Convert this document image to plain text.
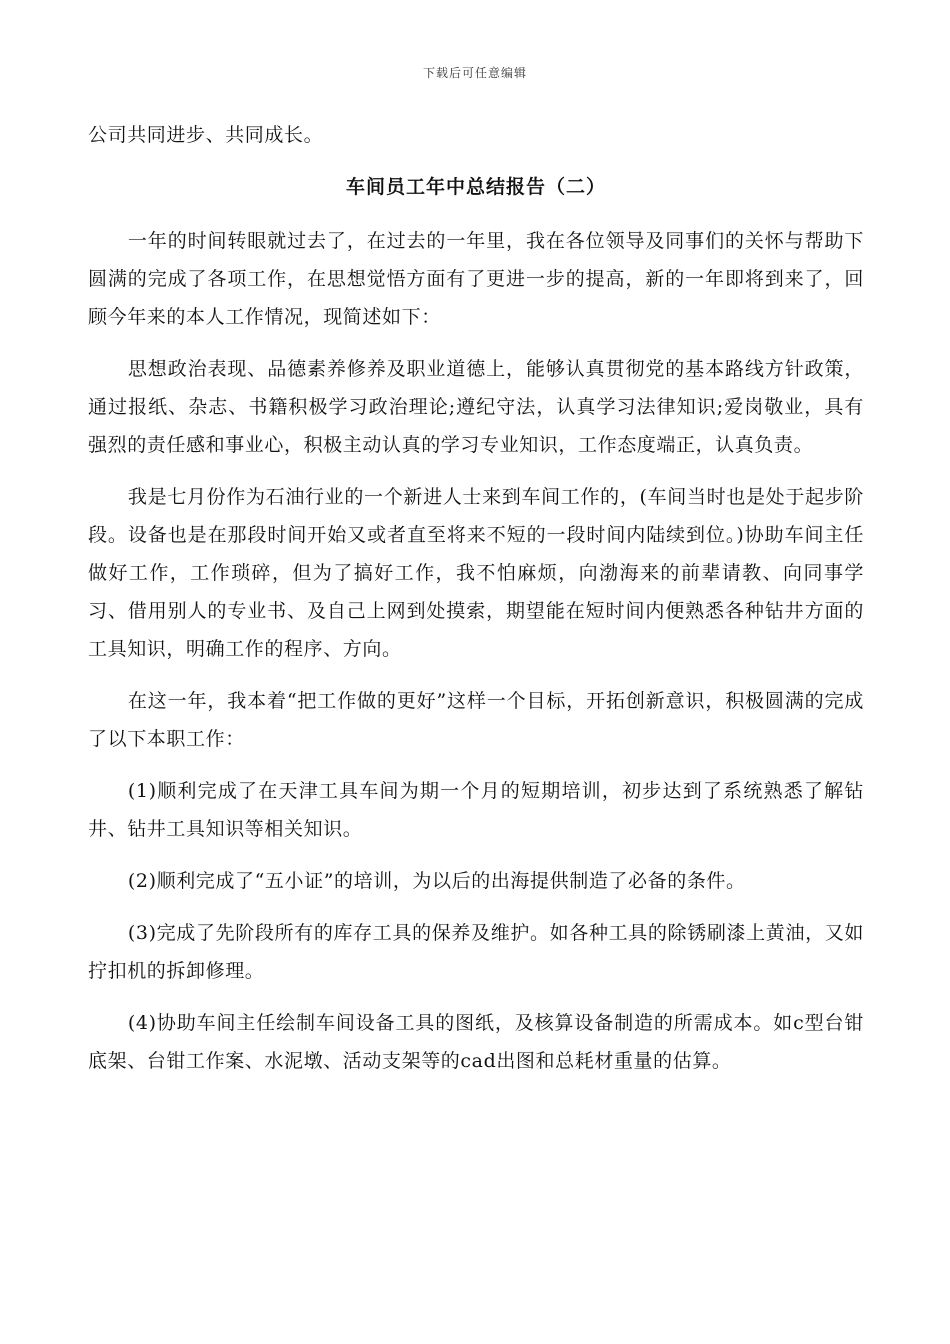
下载后可任意编辑

公司共同进步、共同成长。

车间员工年中总结报告（二）

一年的时间转眼就过去了，在过去的一年里，我在各位领导及同事们的关怀与帮助下圆满的完成了各项工作，在思想觉悟方面有了更进一步的提高，新的一年即将到来了，回顾今年来的本人工作情况，现简述如下：

思想政治表现、品德素养修养及职业道德上，能够认真贯彻党的基本路线方针政策，通过报纸、杂志、书籍积极学习政治理论;遵纪守法，认真学习法律知识;爱岗敬业，具有强烈的责任感和事业心，积极主动认真的学习专业知识，工作态度端正，认真负责。

我是七月份作为石油行业的一个新进人士来到车间工作的，(车间当时也是处于起步阶段。设备也是在那段时间开始又或者直至将来不短的一段时间内陆续到位。)协助车间主任做好工作，工作琐碎，但为了搞好工作，我不怕麻烦，向渤海来的前辈请教、向同事学习、借用别人的专业书、及自己上网到处摸索，期望能在短时间内便熟悉各种钻井方面的工具知识，明确工作的程序、方向。

在这一年，我本着“把工作做的更好”这样一个目标，开拓创新意识，积极圆满的完成了以下本职工作：

(1)顺利完成了在天津工具车间为期一个月的短期培训，初步达到了系统熟悉了解钻井、钻井工具知识等相关知识。

(2)顺利完成了“五小证”的培训，为以后的出海提供制造了必备的条件。

(3)完成了先阶段所有的库存工具的保养及维护。如各种工具的除锈刷漆上黄油，又如拧扣机的拆卸修理。

(4)协助车间主任绘制车间设备工具的图纸，及核算设备制造的所需成本。如c型台钳底架、台钳工作案、水泥墩、活动支架等的cad出图和总耗材重量的估算。
